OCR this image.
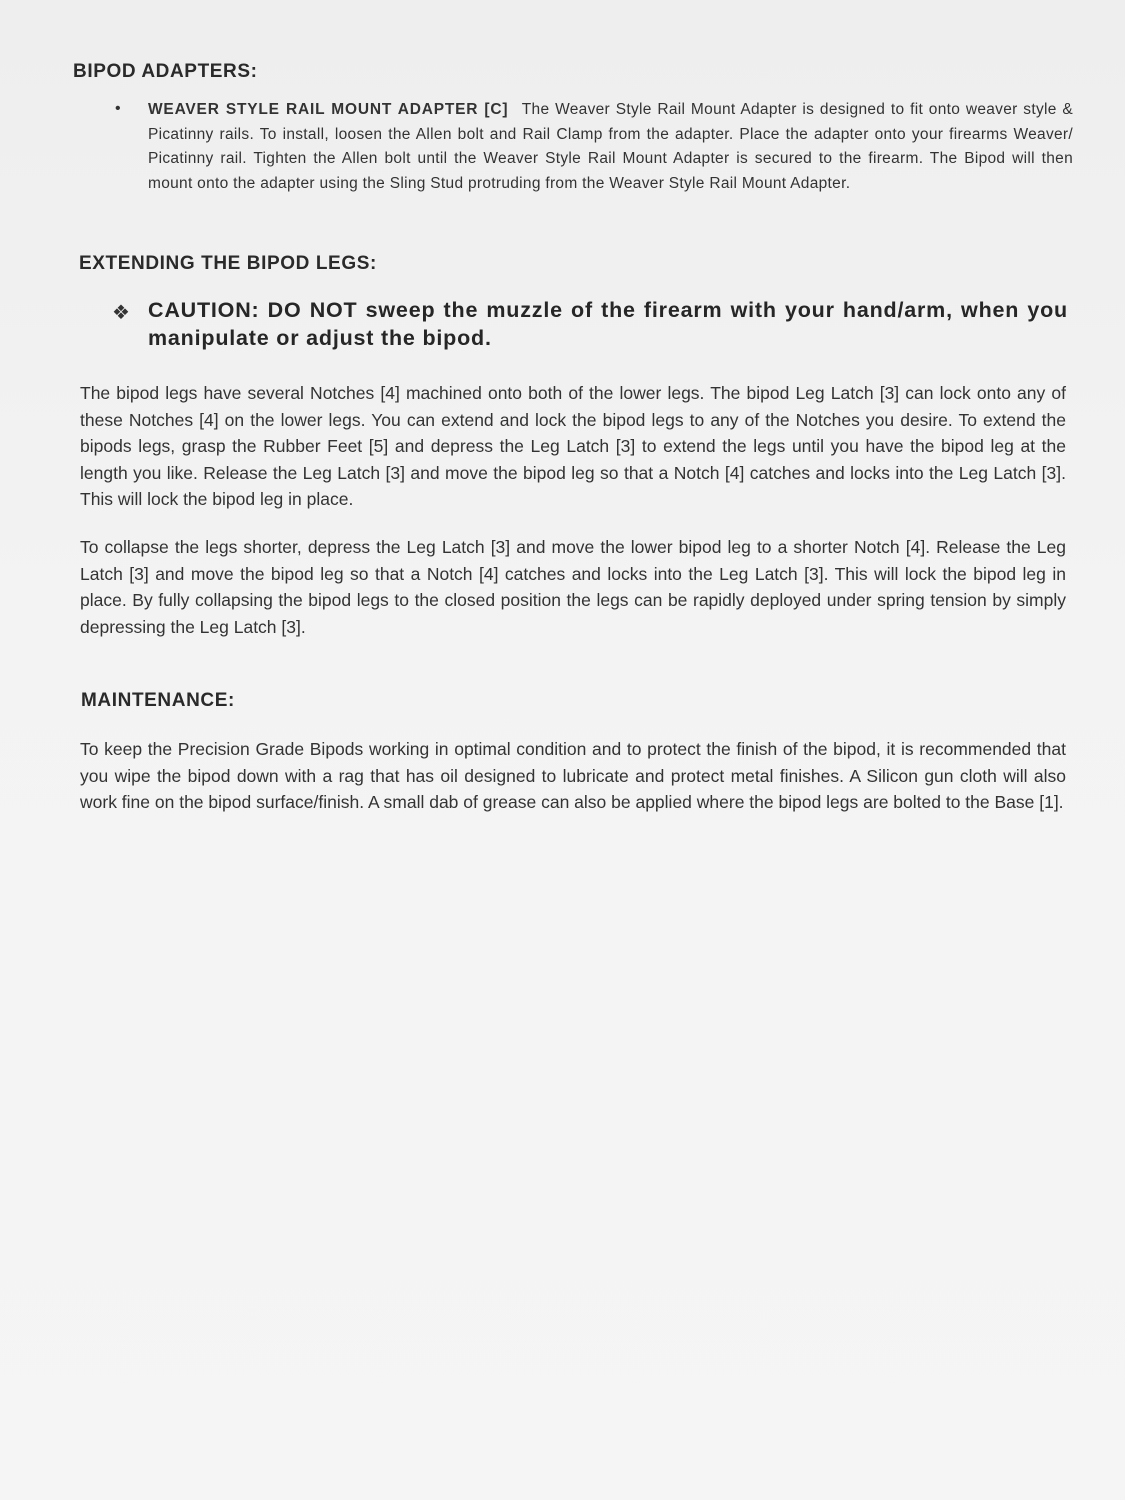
BIPOD ADAPTERS:
• WEAVER STYLE RAIL MOUNT ADAPTER [C] The Weaver Style Rail Mount Adapter is designed to fit onto weaver style & Picatinny rails. To install, loosen the Allen bolt and Rail Clamp from the adapter. Place the adapter onto your firearms Weaver/ Picatinny rail. Tighten the Allen bolt until the Weaver Style Rail Mount Adapter is secured to the firearm. The Bipod will then mount onto the adapter using the Sling Stud protruding from the Weaver Style Rail Mount Adapter.
EXTENDING THE BIPOD LEGS:
❖ CAUTION: DO NOT sweep the muzzle of the firearm with your hand/arm, when you manipulate or adjust the bipod.
The bipod legs have several Notches [4] machined onto both of the lower legs. The bipod Leg Latch [3] can lock onto any of these Notches [4] on the lower legs. You can extend and lock the bipod legs to any of the Notches you desire. To extend the bipods legs, grasp the Rubber Feet [5] and depress the Leg Latch [3] to extend the legs until you have the bipod leg at the length you like. Release the Leg Latch [3] and move the bipod leg so that a Notch [4] catches and locks into the Leg Latch [3]. This will lock the bipod leg in place.
To collapse the legs shorter, depress the Leg Latch [3] and move the lower bipod leg to a shorter Notch [4]. Release the Leg Latch [3] and move the bipod leg so that a Notch [4] catches and locks into the Leg Latch [3]. This will lock the bipod leg in place. By fully collapsing the bipod legs to the closed position the legs can be rapidly deployed under spring tension by simply depressing the Leg Latch [3].
MAINTENANCE:
To keep the Precision Grade Bipods working in optimal condition and to protect the finish of the bipod, it is recommended that you wipe the bipod down with a rag that has oil designed to lubricate and protect metal finishes. A Silicon gun cloth will also work fine on the bipod surface/finish. A small dab of grease can also be applied where the bipod legs are bolted to the Base [1].
